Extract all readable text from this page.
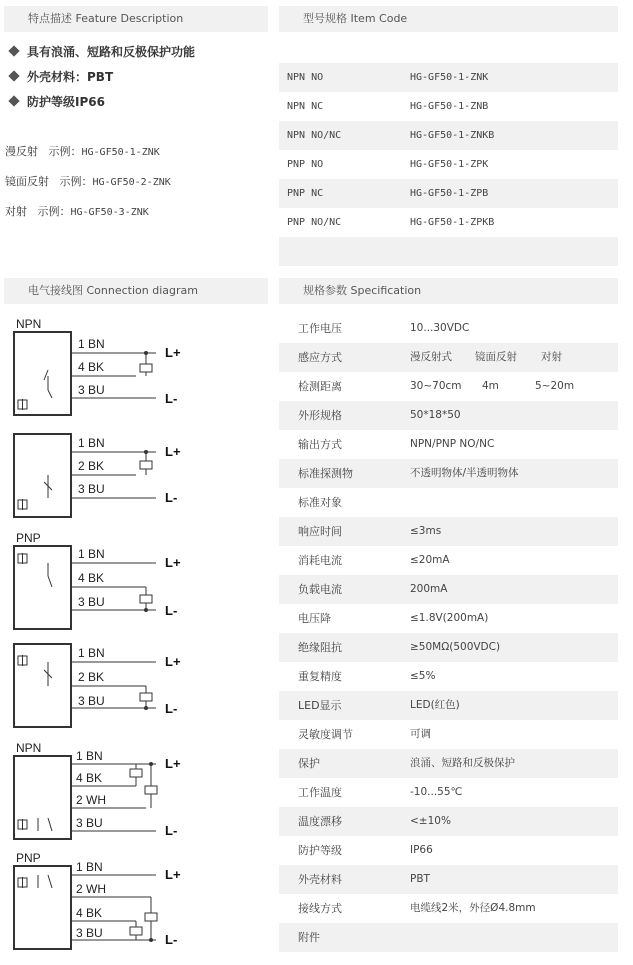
特点描述 Feature Description	型号规格 Item Code
具有浪涌、短路和反极保护功能
外壳材料：PBT
防护等级IP66
漫反射 示例：HG-GF50-1-ZNK
镜面反射 示例：HG-GF50-2-ZNK
对射 示例：HG-GF50-3-ZNK
NPN NO	HG-GF50-1-ZNK
NPN NC	HG-GF50-1-ZNB
NPN NO/NC	HG-GF50-1-ZNKB
PNP NO	HG-GF50-1-ZPK
PNP NC	HG-GF50-1-ZPB
PNP NO/NC	HG-GF50-1-ZPKB
电气接线图 Connection diagram	规格参数 Specification
工作电压	10...30VDC
感应方式	漫反射式 镜面反射 对射
检测距离	30~70cm 4m	5~20m
外形规格	50*18*50
输出方式	NPN/PNP NO/NC
标准探测物	不透明物体/半透明物体
标准对象
响应时间	≤3ms
消耗电流	≤20mA
负载电流	200mA
电压降	≤1.8V(200mA)
绝缘阻抗	≥50MΩ(500VDC)
重复精度	≤5%
LED显示	LED(红色)
灵敏度调节	可调
保护	浪涌、短路和反极保护
工作温度	-10...55℃
温度漂移	<±10%
防护等级	IP66
外壳材料	PBT
接线方式	电缆线2米，外径Ø4.8mm
附件
NPN
PNP
NPN
PNP
1 BN
4 BK
3 BU
1 BN
2 BK
3 BU
1 BN
4 BK
3 BU
1 BN
2 BK
3 BU
1 BN
4 BK
2 WH
3 BU
1 BN
2 WH
4 BK
3 BU
L+
L-
L+
L-
L+
L-
L+
L-
L+
L-
L+
L-
